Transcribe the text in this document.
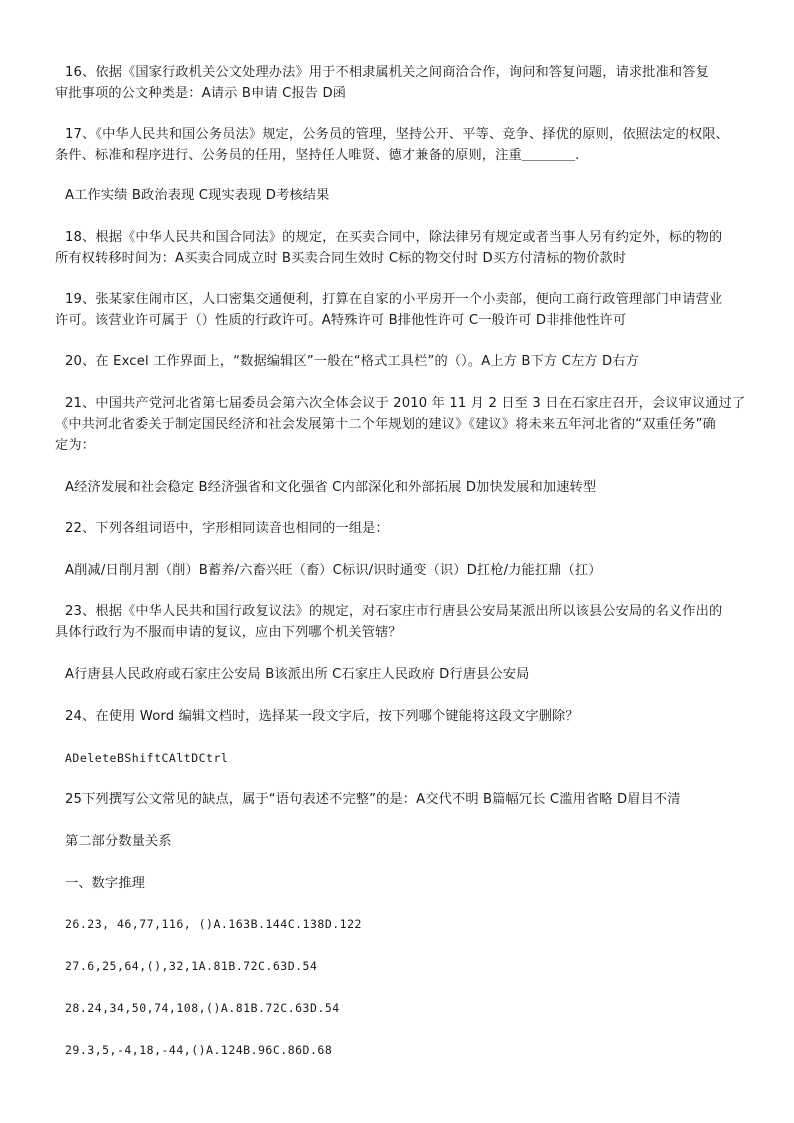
16、依据《国家行政机关公文处理办法》用于不相隶属机关之间商洽合作，询问和答复问题，请求批准和答复
审批事项的公文种类是：A请示 B申请 C报告 D函
17、《中华人民共和国公务员法》规定，公务员的管理，坚持公开、平等、竞争、择优的原则，依照法定的权限、
条件、标准和程序进行、公务员的任用，坚持任人唯贤、德才兼备的原则，注重＿＿＿＿.
A工作实绩 B政治表现 C现实表现 D考核结果
18、根据《中华人民共和国合同法》的规定，在买卖合同中，除法律另有规定或者当事人另有约定外，标的物的
所有权转移时间为：A买卖合同成立时 B买卖合同生效时 C标的物交付时 D买方付清标的物价款时
19、张某家住闹市区，人口密集交通便利，打算在自家的小平房开一个小卖部，便向工商行政管理部门申请营业
许可。该营业许可属于（）性质的行政许可。A特殊许可 B排他性许可 C一般许可 D非排他性许可
20、在 Excel 工作界面上，“数据编辑区”一般在“格式工具栏”的（）。A上方 B下方 C左方 D右方
21、中国共产党河北省第七届委员会第六次全体会议于 2010 年 11 月 2 日至 3 日在石家庄召开，会议审议通过了
《中共河北省委关于制定国民经济和社会发展第十二个年规划的建议》《建议》将未来五年河北省的“双重任务”确
定为：
A经济发展和社会稳定 B经济强省和文化强省 C内部深化和外部拓展 D加快发展和加速转型
22、下列各组词语中，字形相同读音也相同的一组是：
A削减/日削月割（削）B蓄养/六畜兴旺（畜）C标识/识时通变（识）D扛枪/力能扛鼎（扛）
23、根据《中华人民共和国行政复议法》的规定，对石家庄市行唐县公安局某派出所以该县公安局的名义作出的
具体行政行为不服而申请的复议，应由下列哪个机关管辖？
A行唐县人民政府或石家庄公安局 B该派出所 C石家庄人民政府 D行唐县公安局
24、在使用 Word 编辑文档时，选择某一段文字后，按下列哪个键能将这段文字删除？
ADeleteBShiftCAltDCtrl
25下列撰写公文常见的缺点，属于“语句表述不完整”的是：A交代不明 B篇幅冗长 C滥用省略 D眉目不清
第二部分数量关系
一、数字推理
26.23, 46,77,116, ()A.163B.144C.138D.122
27.6,25,64,(),32,1A.81B.72C.63D.54
28.24,34,50,74,108,()A.81B.72C.63D.54
29.3,5,-4,18,-44,()A.124B.96C.86D.68
